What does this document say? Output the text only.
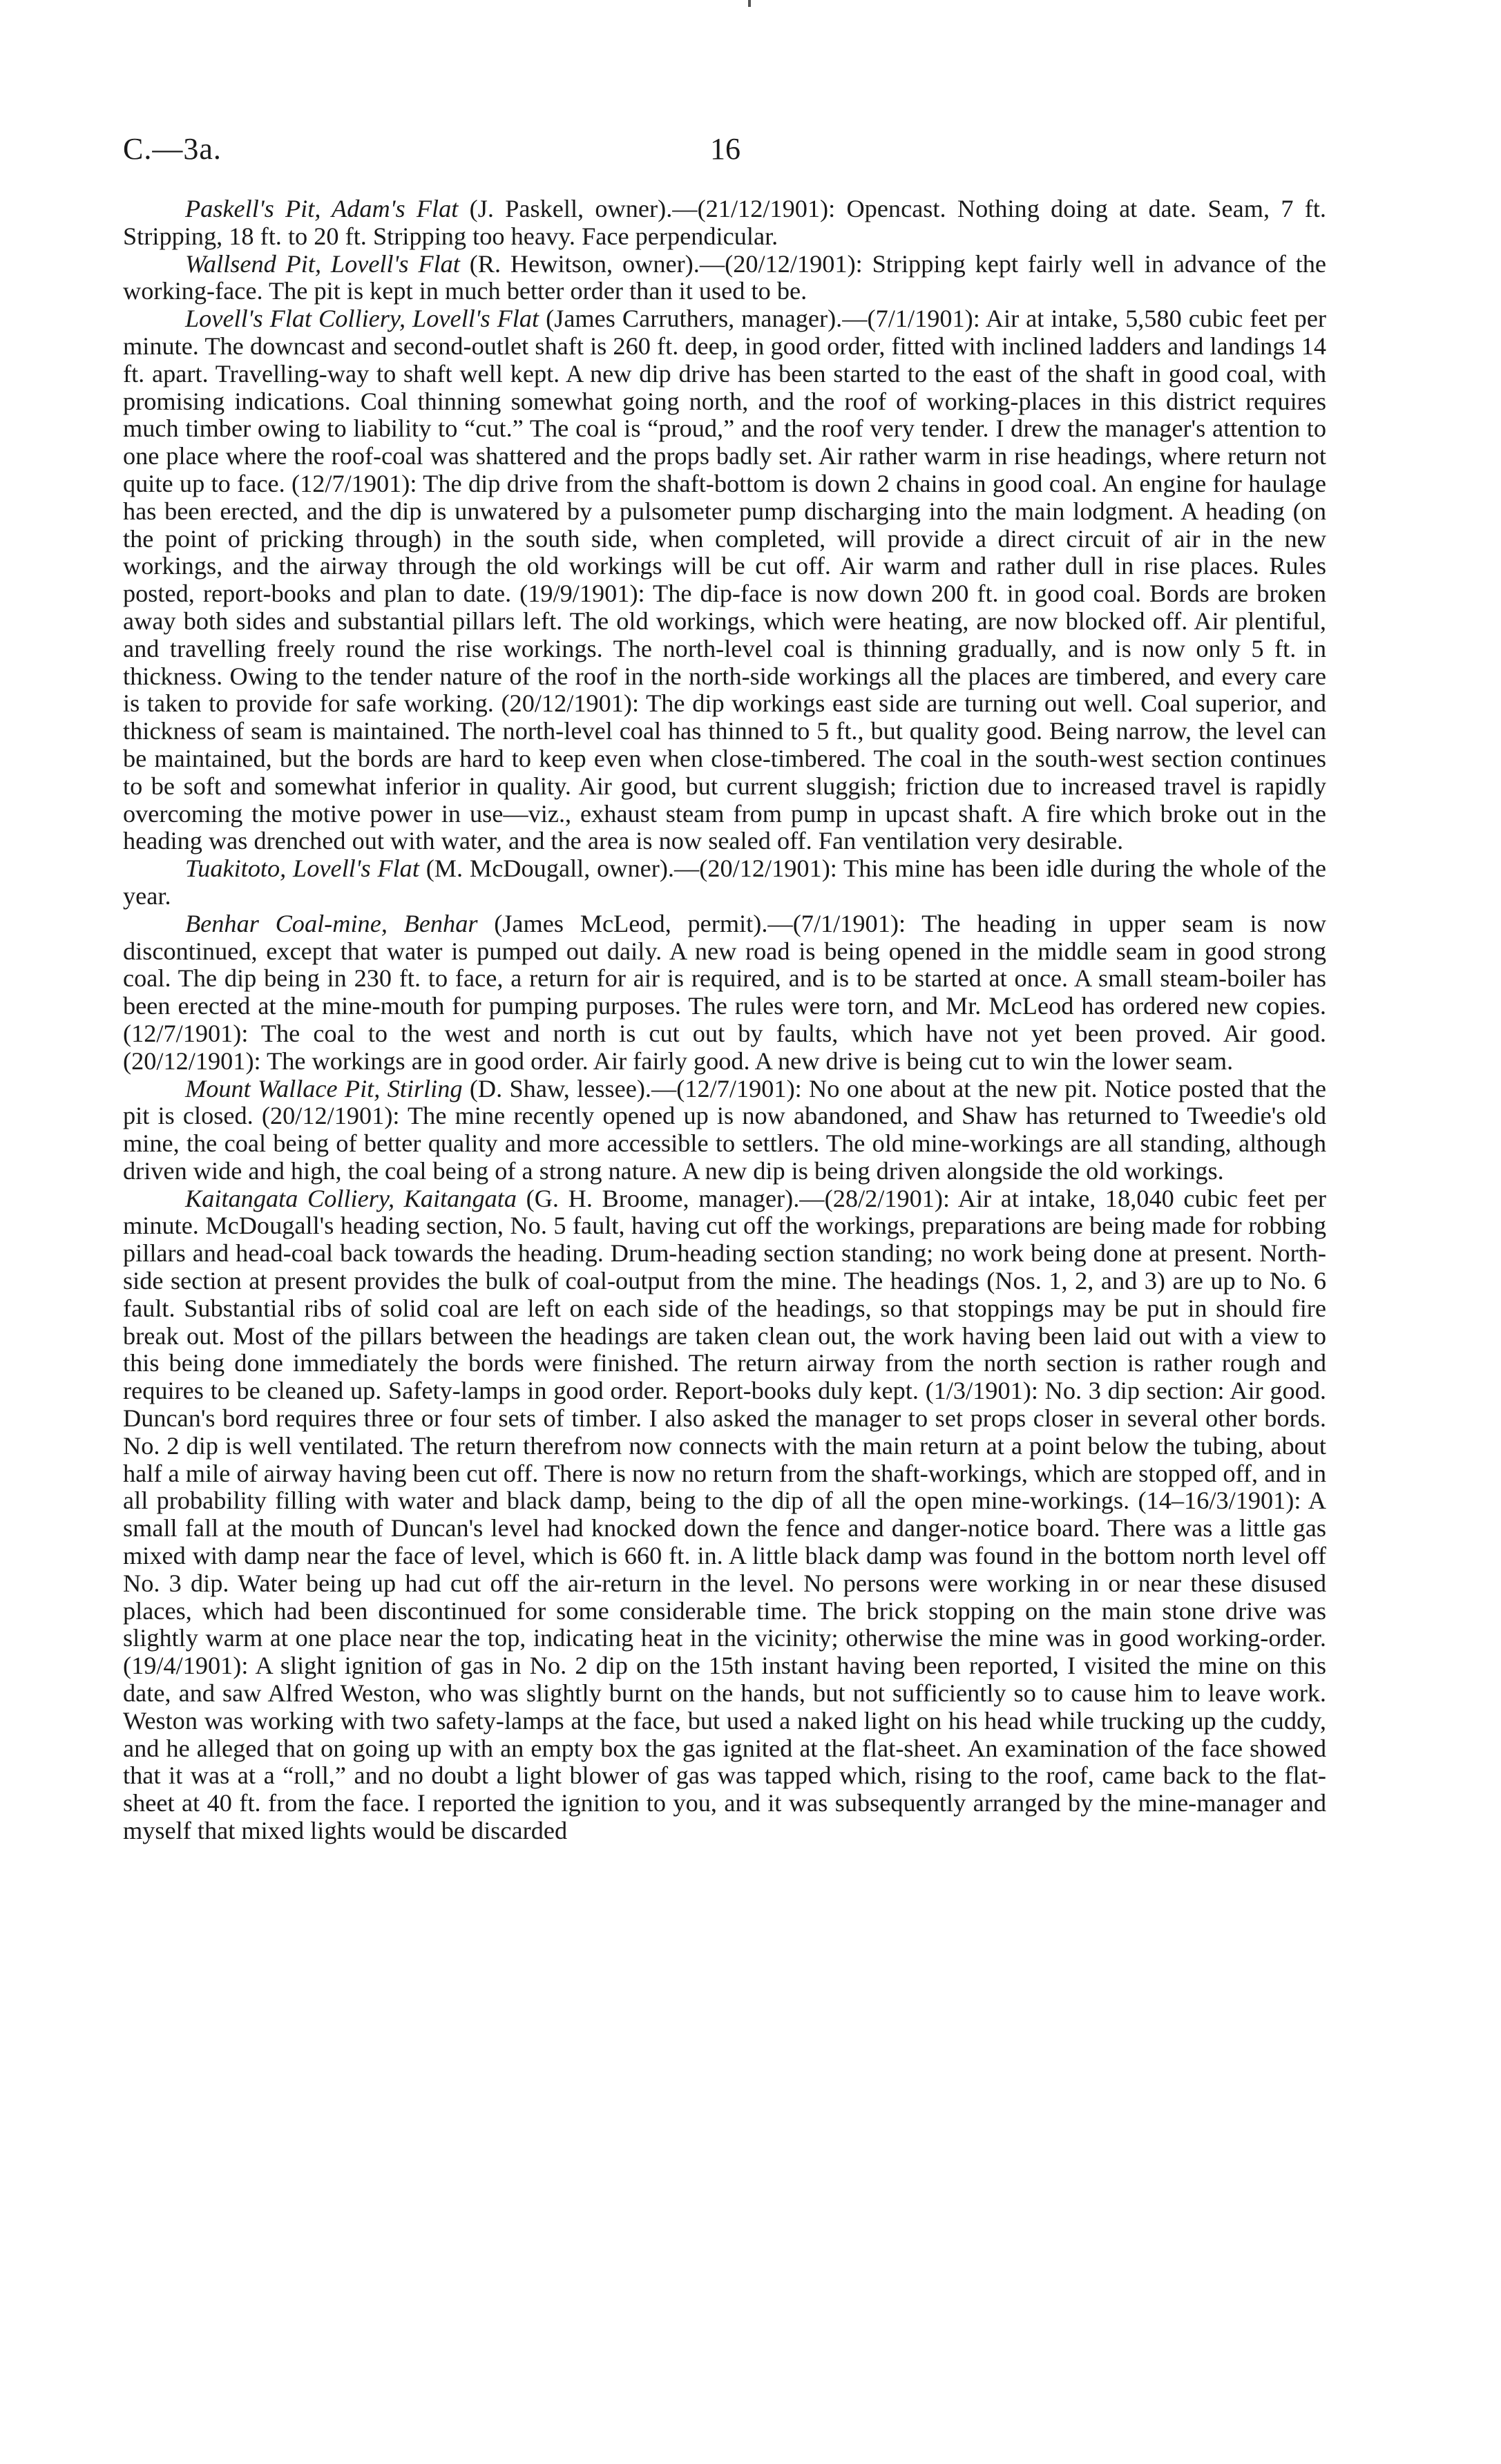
C.—3a.	16

Paskell's Pit, Adam's Flat (J. Paskell, owner).—(21/12/1901): Opencast. Nothing doing at date. Seam, 7 ft. Stripping, 18 ft. to 20 ft. Stripping too heavy. Face perpendicular.

Wallsend Pit, Lovell's Flat (R. Hewitson, owner).—(20/12/1901): Stripping kept fairly well in advance of the working-face. The pit is kept in much better order than it used to be.

Lovell's Flat Colliery, Lovell's Flat (James Carruthers, manager).—(7/1/1901): Air at intake, 5,580 cubic feet per minute. The downcast and second-outlet shaft is 260 ft. deep, in good order, fitted with inclined ladders and landings 14 ft. apart. Travelling-way to shaft well kept. A new dip drive has been started to the east of the shaft in good coal, with promising indications. Coal thinning somewhat going north, and the roof of working-places in this district requires much timber owing to liability to “cut.” The coal is “proud,” and the roof very tender. I drew the manager's attention to one place where the roof-coal was shattered and the props badly set. Air rather warm in rise headings, where return not quite up to face. (12/7/1901): The dip drive from the shaft-bottom is down 2 chains in good coal. An engine for haulage has been erected, and the dip is unwatered by a pulsometer pump discharging into the main lodgment. A heading (on the point of pricking through) in the south side, when completed, will provide a direct circuit of air in the new workings, and the airway through the old workings will be cut off. Air warm and rather dull in rise places. Rules posted, report-books and plan to date. (19/9/1901): The dip-face is now down 200 ft. in good coal. Bords are broken away both sides and substantial pillars left. The old workings, which were heating, are now blocked off. Air plentiful, and travelling freely round the rise workings. The north-level coal is thinning gradually, and is now only 5 ft. in thickness. Owing to the tender nature of the roof in the north-side workings all the places are timbered, and every care is taken to provide for safe working. (20/12/1901): The dip workings east side are turning out well. Coal superior, and thickness of seam is maintained. The north-level coal has thinned to 5 ft., but quality good. Being narrow, the level can be maintained, but the bords are hard to keep even when close-timbered. The coal in the south-west section continues to be soft and somewhat inferior in quality. Air good, but current sluggish; friction due to increased travel is rapidly overcoming the motive power in use—viz., exhaust steam from pump in upcast shaft. A fire which broke out in the heading was drenched out with water, and the area is now sealed off. Fan ventilation very desirable.

Tuakitoto, Lovell's Flat (M. McDougall, owner).—(20/12/1901): This mine has been idle during the whole of the year.

Benhar Coal-mine, Benhar (James McLeod, permit).—(7/1/1901): The heading in upper seam is now discontinued, except that water is pumped out daily. A new road is being opened in the middle seam in good strong coal. The dip being in 230 ft. to face, a return for air is required, and is to be started at once. A small steam-boiler has been erected at the mine-mouth for pumping purposes. The rules were torn, and Mr. McLeod has ordered new copies. (12/7/1901): The coal to the west and north is cut out by faults, which have not yet been proved. Air good. (20/12/1901): The workings are in good order. Air fairly good. A new drive is being cut to win the lower seam.

Mount Wallace Pit, Stirling (D. Shaw, lessee).—(12/7/1901): No one about at the new pit. Notice posted that the pit is closed. (20/12/1901): The mine recently opened up is now abandoned, and Shaw has returned to Tweedie's old mine, the coal being of better quality and more accessible to settlers. The old mine-workings are all standing, although driven wide and high, the coal being of a strong nature. A new dip is being driven alongside the old workings.

Kaitangata Colliery, Kaitangata (G. H. Broome, manager).—(28/2/1901): Air at intake, 18,040 cubic feet per minute. McDougall's heading section, No. 5 fault, having cut off the workings, preparations are being made for robbing pillars and head-coal back towards the heading. Drum-heading section standing; no work being done at present. North-side section at present provides the bulk of coal-output from the mine. The headings (Nos. 1, 2, and 3) are up to No. 6 fault. Substantial ribs of solid coal are left on each side of the headings, so that stoppings may be put in should fire break out. Most of the pillars between the headings are taken clean out, the work having been laid out with a view to this being done immediately the bords were finished. The return airway from the north section is rather rough and requires to be cleaned up. Safety-lamps in good order. Report-books duly kept. (1/3/1901): No. 3 dip section: Air good. Duncan's bord requires three or four sets of timber. I also asked the manager to set props closer in several other bords. No. 2 dip is well ventilated. The return therefrom now connects with the main return at a point below the tubing, about half a mile of airway having been cut off. There is now no return from the shaft-workings, which are stopped off, and in all probability filling with water and black damp, being to the dip of all the open mine-workings. (14–16/3/1901): A small fall at the mouth of Duncan's level had knocked down the fence and danger-notice board. There was a little gas mixed with damp near the face of level, which is 660 ft. in. A little black damp was found in the bottom north level off No. 3 dip. Water being up had cut off the air-return in the level. No persons were working in or near these disused places, which had been discontinued for some considerable time. The brick stopping on the main stone drive was slightly warm at one place near the top, indicating heat in the vicinity; otherwise the mine was in good working-order. (19/4/1901): A slight ignition of gas in No. 2 dip on the 15th instant having been reported, I visited the mine on this date, and saw Alfred Weston, who was slightly burnt on the hands, but not sufficiently so to cause him to leave work. Weston was working with two safety-lamps at the face, but used a naked light on his head while trucking up the cuddy, and he alleged that on going up with an empty box the gas ignited at the flat-sheet. An examination of the face showed that it was at a “roll,” and no doubt a light blower of gas was tapped which, rising to the roof, came back to the flat-sheet at 40 ft. from the face. I reported the ignition to you, and it was subsequently arranged by the mine-manager and myself that mixed lights would be discarded
